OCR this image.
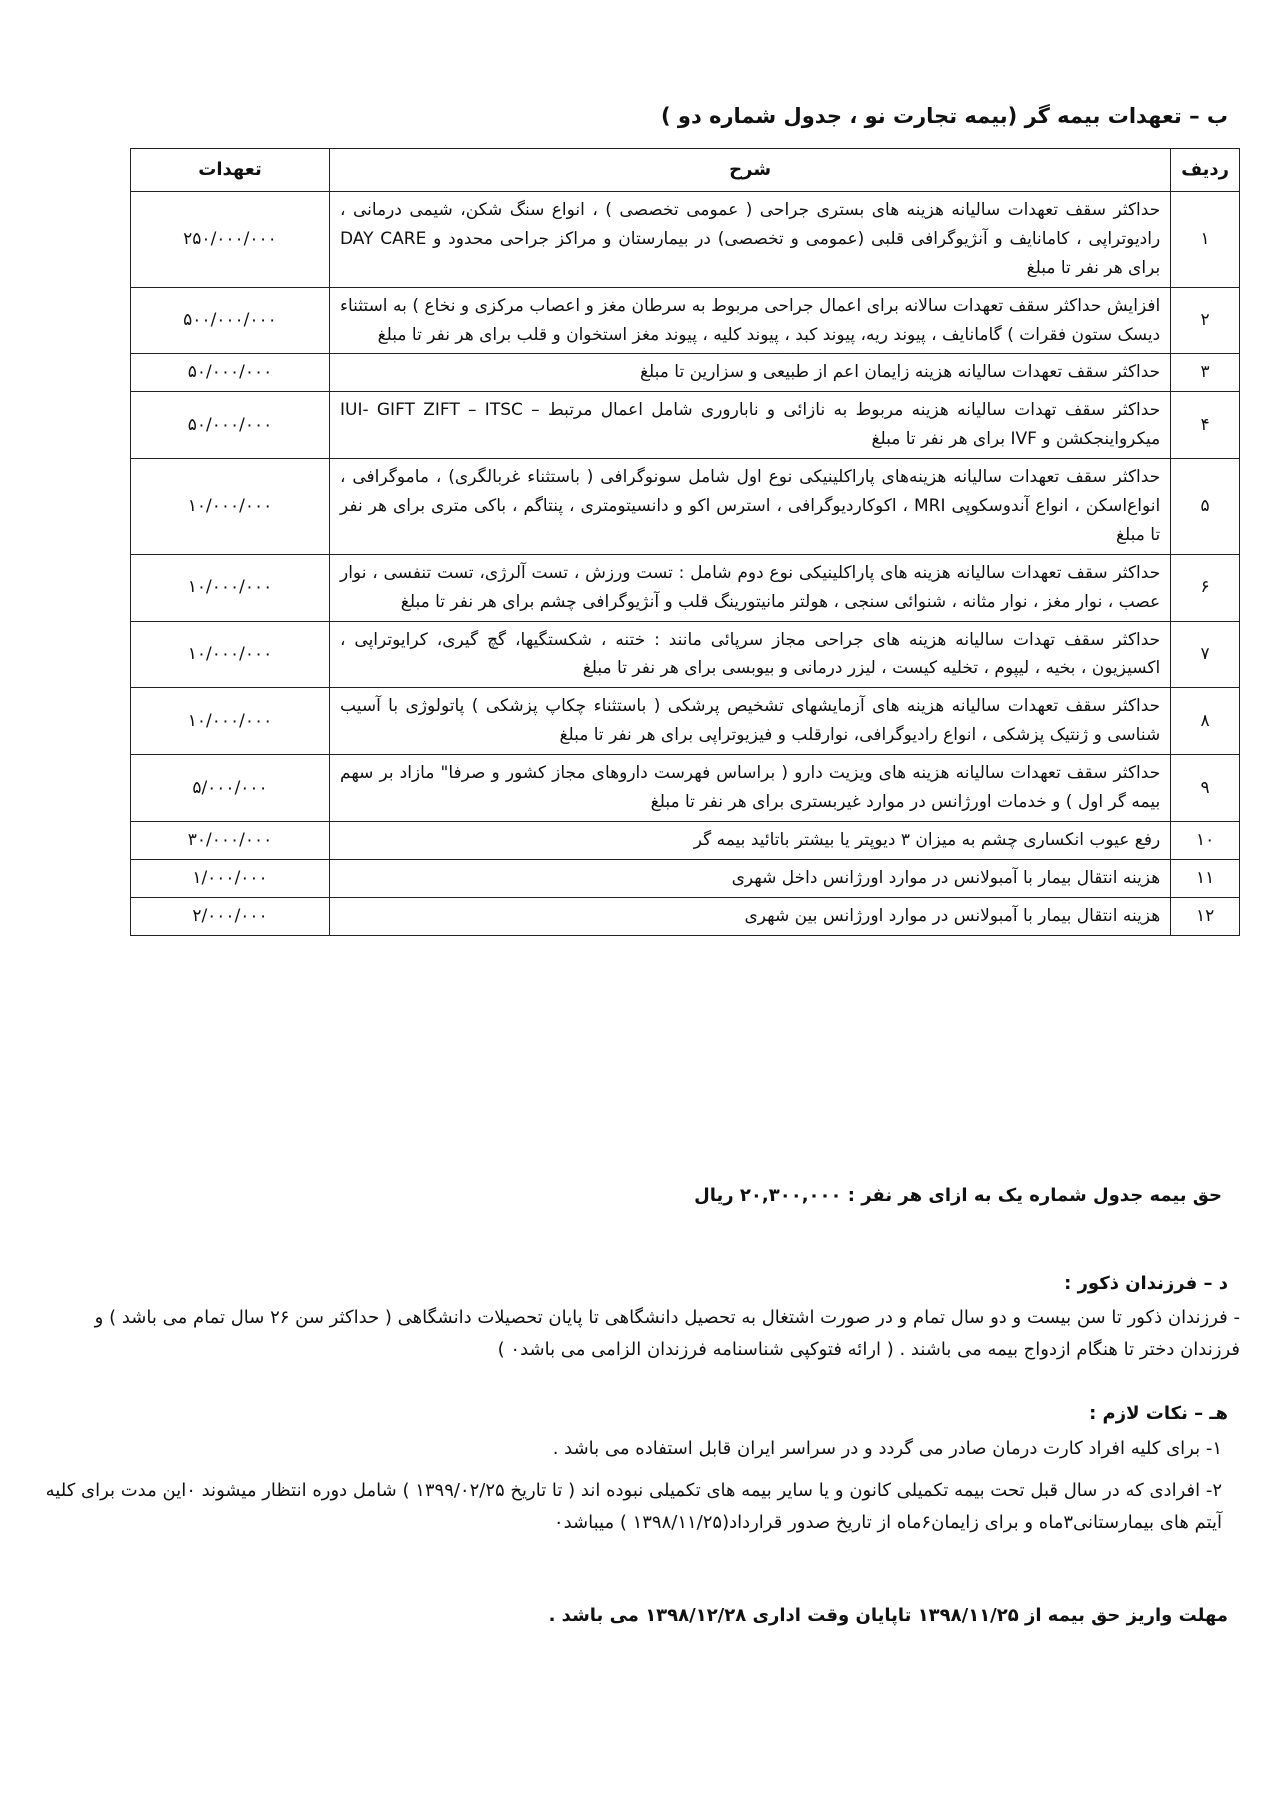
ب – تعهدات بیمه گر (بیمه تجارت نو ، جدول شماره دو )
ردیف	شرح	تعهدات
۱	حداکثر سقف تعهدات سالیانه هزینه های بستری جراحی ( عمومی تخصصی ) ، انواع سنگ شکن، شیمی درمانی ، رادیوتراپی ، کامانایف و آنژیوگرافی قلبی (عمومی و تخصصی) در بیمارستان و مراکز جراحی محدود و DAY CARE برای هر نفر تا مبلغ	۲۵۰/۰۰۰/۰۰۰
۲	افزایش حداکثر سقف تعهدات سالانه برای اعمال جراحی مربوط به سرطان مغز و اعصاب مرکزی و نخاع ) به استثناء دیسک ستون فقرات ) گامانایف ، پیوند ریه، پیوند کبد ، پیوند کلیه ، پیوند مغز استخوان و قلب برای هر نفر تا مبلغ	۵۰۰/۰۰۰/۰۰۰
۳	حداکثر سقف تعهدات سالیانه هزینه زایمان اعم از طبیعی و سزارین تا مبلغ	۵۰/۰۰۰/۰۰۰
۴	حداکثر سقف تهدات سالیانه هزینه مربوط به نازائی و ناباروری شامل اعمال مرتبط – IUI- GIFT ZIFT – ITSC میکرواینجکشن و IVF برای هر نفر تا مبلغ	۵۰/۰۰۰/۰۰۰
۵	حداکثر سقف تعهدات سالیانه هزینه‌های پاراکلینیکی نوع اول شامل سونوگرافی ( باستثناء غربالگری) ، ماموگرافی ، انواع‌اسکن ، انواع آندوسکوپی MRI ، اکوکاردیوگرافی ، استرس اکو و دانسیتومتری ، پنتاگم ، باکی متری برای هر نفر تا مبلغ	۱۰/۰۰۰/۰۰۰
۶	حداکثر سقف تعهدات سالیانه هزینه های پاراکلینیکی نوع دوم شامل : تست ورزش ، تست آلرژی، تست تنفسی ، نوار عصب ، نوار مغز ، نوار مثانه ، شنوائی سنجی ، هولتر مانیتورینگ قلب و آنژیوگرافی چشم برای هر نفر تا مبلغ	۱۰/۰۰۰/۰۰۰
۷	حداکثر سقف تهدات سالیانه هزینه های جراحی مجاز سرپائی مانند : ختنه ، شکستگیها، گچ گیری، کرایوتراپی ، اکسیزیون ، بخیه ، لیپوم ، تخلیه کیست ، لیزر درمانی و بیوبسی برای هر نفر تا مبلغ	۱۰/۰۰۰/۰۰۰
۸	حداکثر سقف تعهدات سالیانه هزینه های آزمایشهای تشخیص پرشکی ( باستثناء چکاپ پزشکی ) پاتولوژی با آسیب شناسی و ژنتیک پزشکی ، انواع رادیوگرافی، نوارقلب و فیزیوتراپی برای هر نفر تا مبلغ	۱۰/۰۰۰/۰۰۰
۹	حداکثر سقف تعهدات سالیانه هزینه های ویزیت دارو ( براساس فهرست داروهای مجاز کشور و صرفا" مازاد بر سهم بیمه گر اول ) و خدمات اورژانس در موارد غیربستری برای هر نفر تا مبلغ	۵/۰۰۰/۰۰۰
۱۰	رفع عیوب انکساری چشم به میزان ۳ دیوپتر یا بیشتر باتائید بیمه گر	۳۰/۰۰۰/۰۰۰
۱۱	هزینه انتقال بیمار با آمبولانس در موارد اورژانس داخل شهری	۱/۰۰۰/۰۰۰
۱۲	هزینه انتقال بیمار با آمبولانس در موارد اورژانس بین شهری	۲/۰۰۰/۰۰۰
حق بیمه جدول شماره یک به ازای هر نفر : ۲۰,۳۰۰,۰۰۰ ریال
د – فرزندان ذکور :
- فرزندان ذکور تا سن بیست و دو سال تمام و در صورت اشتغال به تحصیل دانشگاهی تا پایان تحصیلات دانشگاهی ( حداکثر سن ۲۶ سال تمام می باشد ) و فرزندان دختر تا هنگام ازدواج بیمه می باشند . ( ارائه فتوکپی شناسنامه فرزندان الزامی می باشد۰ )
هـ – نکات لازم :
۱- برای کلیه افراد کارت درمان صادر می گردد و در سراسر ایران قابل استفاده می باشد .
۲- افرادی که در سال قبل تحت بیمه تکمیلی کانون و یا سایر بیمه های تکمیلی نبوده اند ( تا تاریخ ۱۳۹۹/۰۲/۲۵ ) شامل دوره انتظار میشوند ۰این مدت برای کلیه آیتم های بیمارستانی۳ماه و برای زایمان۶ماه از تاریخ صدور قرارداد(۱۳۹۸/۱۱/۲۵ ) میباشد۰
مهلت واریز حق بیمه از ۱۳۹۸/۱۱/۲۵ تاپایان وقت اداری ۱۳۹۸/۱۲/۲۸ می باشد .
